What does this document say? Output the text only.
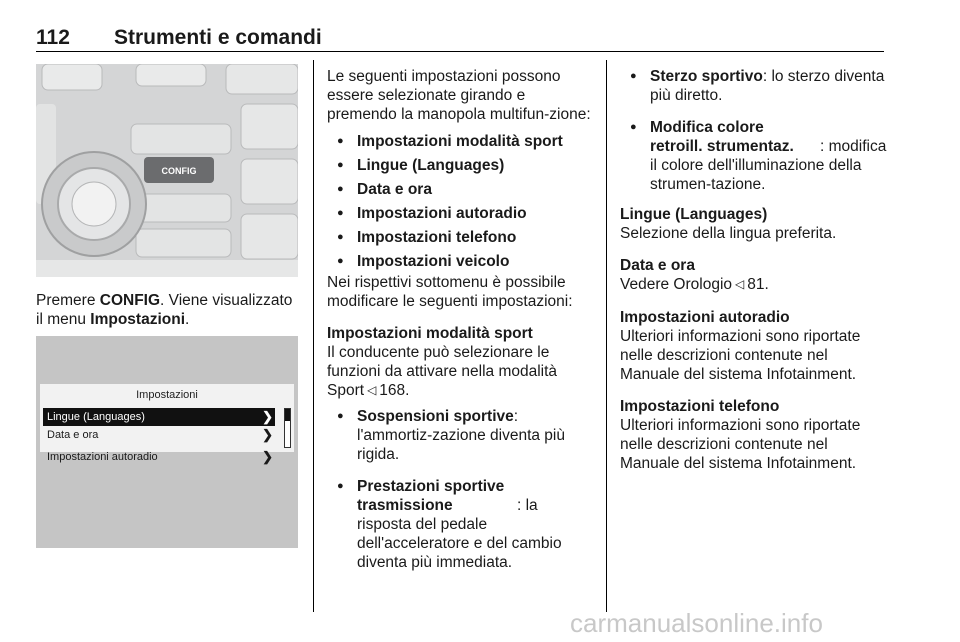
112 Strumenti e comandi
CONFIG

Premere CONFIG. Viene visualizzato il menu Impostazioni.

Impostazioni
Lingue (Languages)	❯
Data e ora	❯
Impostazioni autoradio	❯

Le seguenti impostazioni possono essere selezionate girando e premendo la manopola multifun-zione:

● Impostazioni modalità sport
● Lingue (Languages)
● Data e ora
● Impostazioni autoradio
● Impostazioni telefono
● Impostazioni veicolo

Nei rispettivi sottomenu è possibile modificare le seguenti impostazioni:

Impostazioni modalità sport
Il conducente può selezionare le funzioni da attivare nella modalità Sport ◁ 168.

● Sospensioni sportive: l'ammortiz-zazione diventa più rigida.
● Prestazioni sportive trasmissione	: la risposta del pedale dell'acceleratore e del cambio diventa più immediata.
● Sterzo sportivo: lo sterzo diventa più diretto.
● Modifica colore retroill. strumentaz. : modifica il colore dell'illuminazione della strumen-tazione.

Lingue (Languages)
Selezione della lingua preferita.

Data e ora
Vedere Orologio ◁ 81.

Impostazioni autoradio
Ulteriori informazioni sono riportate nelle descrizioni contenute nel Manuale del sistema Infotainment.

Impostazioni telefono
Ulteriori informazioni sono riportate nelle descrizioni contenute nel Manuale del sistema Infotainment.

carmanualsonline.info
